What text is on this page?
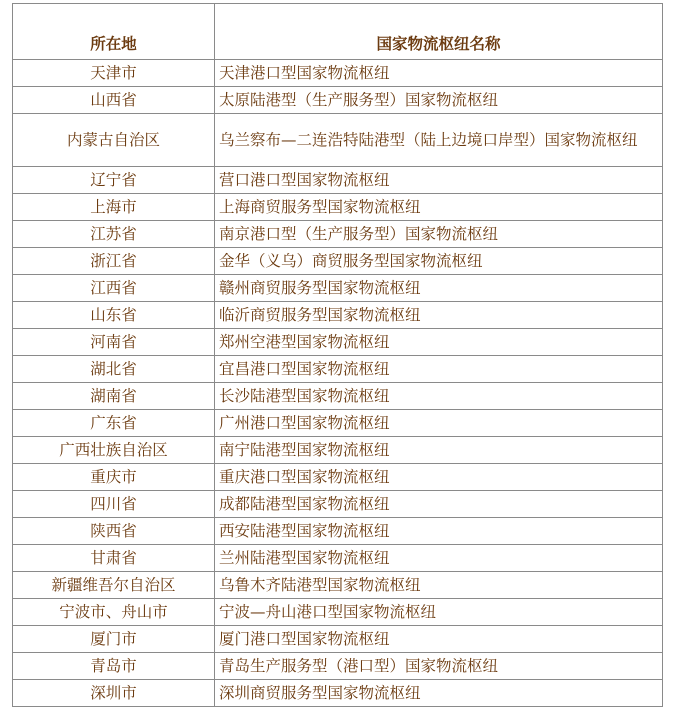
所在地	国家物流枢纽名称
天津市	天津港口型国家物流枢纽
山西省	太原陆港型（生产服务型）国家物流枢纽
内蒙古自治区	乌兰察布—二连浩特陆港型（陆上边境口岸型）国家物流枢纽
辽宁省	营口港口型国家物流枢纽
上海市	上海商贸服务型国家物流枢纽
江苏省	南京港口型（生产服务型）国家物流枢纽
浙江省	金华（义乌）商贸服务型国家物流枢纽
江西省	赣州商贸服务型国家物流枢纽
山东省	临沂商贸服务型国家物流枢纽
河南省	郑州空港型国家物流枢纽
湖北省	宜昌港口型国家物流枢纽
湖南省	长沙陆港型国家物流枢纽
广东省	广州港口型国家物流枢纽
广西壮族自治区	南宁陆港型国家物流枢纽
重庆市	重庆港口型国家物流枢纽
四川省	成都陆港型国家物流枢纽
陕西省	西安陆港型国家物流枢纽
甘肃省	兰州陆港型国家物流枢纽
新疆维吾尔自治区	乌鲁木齐陆港型国家物流枢纽
宁波市、舟山市	宁波—舟山港口型国家物流枢纽
厦门市	厦门港口型国家物流枢纽
青岛市	青岛生产服务型（港口型）国家物流枢纽
深圳市	深圳商贸服务型国家物流枢纽
